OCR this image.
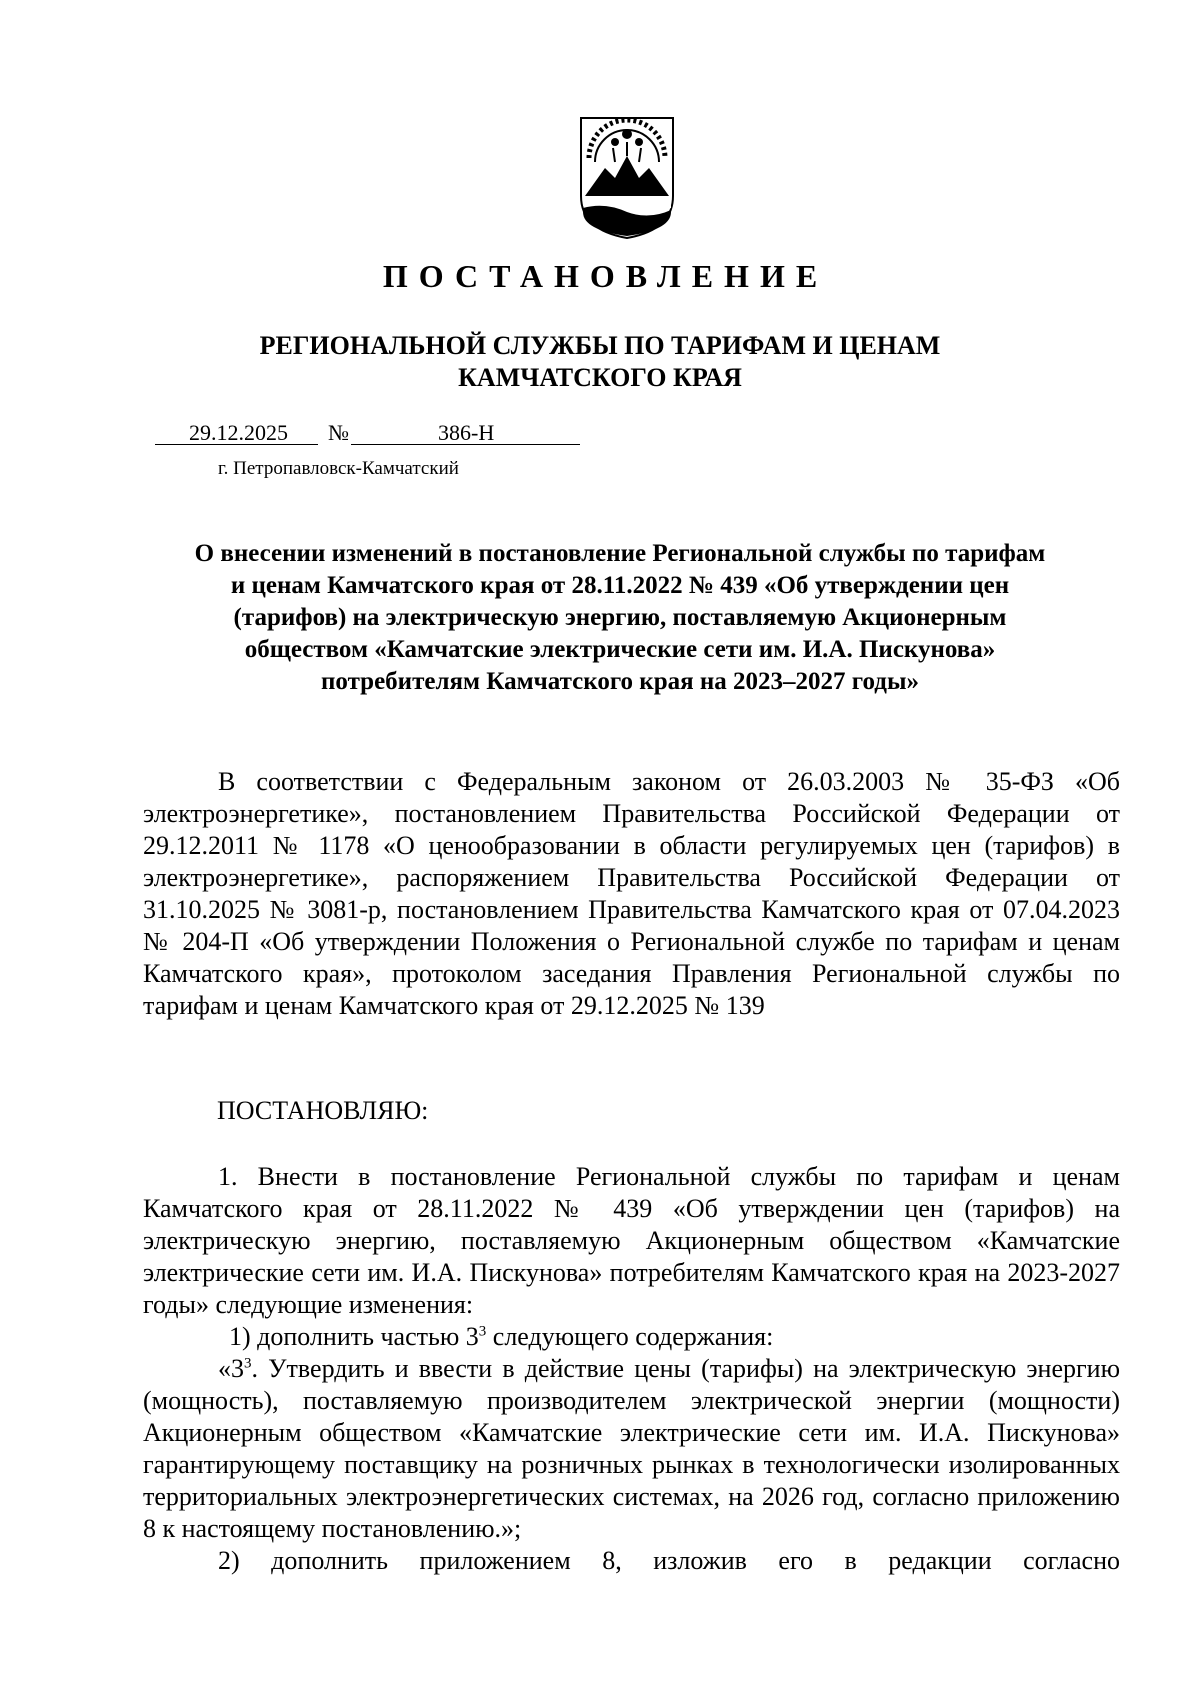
ПОСТАНОВЛЕНИЕ
РЕГИОНАЛЬНОЙ СЛУЖБЫ ПО ТАРИФАМ И ЦЕНАМ
КАМЧАТСКОГО КРАЯ
29.12.2025 №	386-Н
г. Петропавловск-Камчатский
О внесении изменений в постановление Региональной службы по тарифам
и ценам Камчатского края от 28.11.2022 № 439 «Об утверждении цен
(тарифов) на электрическую энергию, поставляемую Акционерным
обществом «Камчатские электрические сети им. И.А. Пискунова»
потребителям Камчатского края на 2023–2027 годы»

В соответствии с Федеральным законом от 26.03.2003 № 35-ФЗ «Об электроэнергетике», постановлением Правительства Российской Федерации от 29.12.2011 № 1178 «О ценообразовании в области регулируемых цен (тарифов) в электроэнергетике», распоряжением Правительства Российской Федерации от 31.10.2025 № 3081-р, постановлением Правительства Камчатского края от 07.04.2023 № 204-П «Об утверждении Положения о Региональной службе по тарифам и ценам Камчатского края», протоколом заседания Правления Региональной службы по тарифам и ценам Камчатского края от 29.12.2025 № 139

ПОСТАНОВЛЯЮ:

1. Внести в постановление Региональной службы по тарифам и ценам Камчатского края от 28.11.2022 № 439 «Об утверждении цен (тарифов) на электрическую энергию, поставляемую Акционерным обществом «Камчатские электрические сети им. И.А. Пискунова» потребителям Камчатского края на 2023-2027 годы» следующие изменения:

1) дополнить частью $3^3$ следующего содержания:

«$3^3$. Утвердить и ввести в действие цены (тарифы) на электрическую энергию (мощность), поставляемую производителем электрической энергии (мощности) Акционерным обществом «Камчатские электрические сети им. И.А. Пискунова» гарантирующему поставщику на розничных рынках в технологически изолированных территориальных электроэнергетических системах, на 2026 год, согласно приложению 8 к настоящему постановлению.»;

2) дополнить приложением 8, изложив его в редакции согласно
